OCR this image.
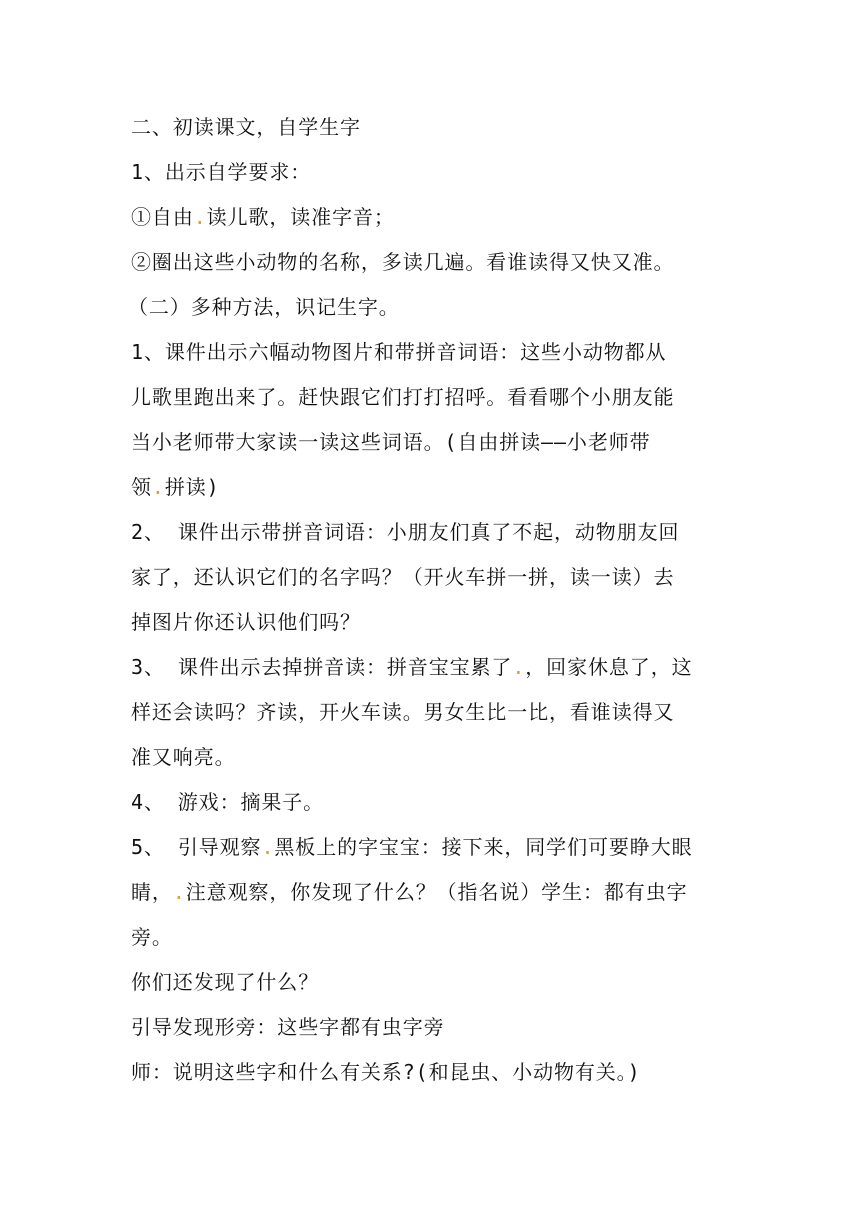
二、初读课文，自学生字
1、出示自学要求：
①自由.读儿歌，读准字音；
②圈出这些小动物的名称，多读几遍。看谁读得又快又准。
（二）多种方法，识记生字。
1、课件出示六幅动物图片和带拼音词语：这些小动物都从
儿歌里跑出来了。赶快跟它们打打招呼。看看哪个小朋友能
当小老师带大家读一读这些词语。(自由拼读——小老师带
领.拼读)
2、 课件出示带拼音词语：小朋友们真了不起，动物朋友回
家了，还认识它们的名字吗？（开火车拼一拼，读一读）去
掉图片你还认识他们吗？
3、 课件出示去掉拼音读：拼音宝宝累了.，回家休息了，这
样还会读吗？齐读，开火车读。男女生比一比，看谁读得又
准又响亮。
4、 游戏：摘果子。
5、 引导观察.黑板上的字宝宝：接下来，同学们可要睁大眼
睛，.注意观察，你发现了什么？（指名说）学生：都有虫字
旁。
你们还发现了什么？
引导发现形旁：这些字都有虫字旁
师：说明这些字和什么有关系?(和昆虫、小动物有关。)
